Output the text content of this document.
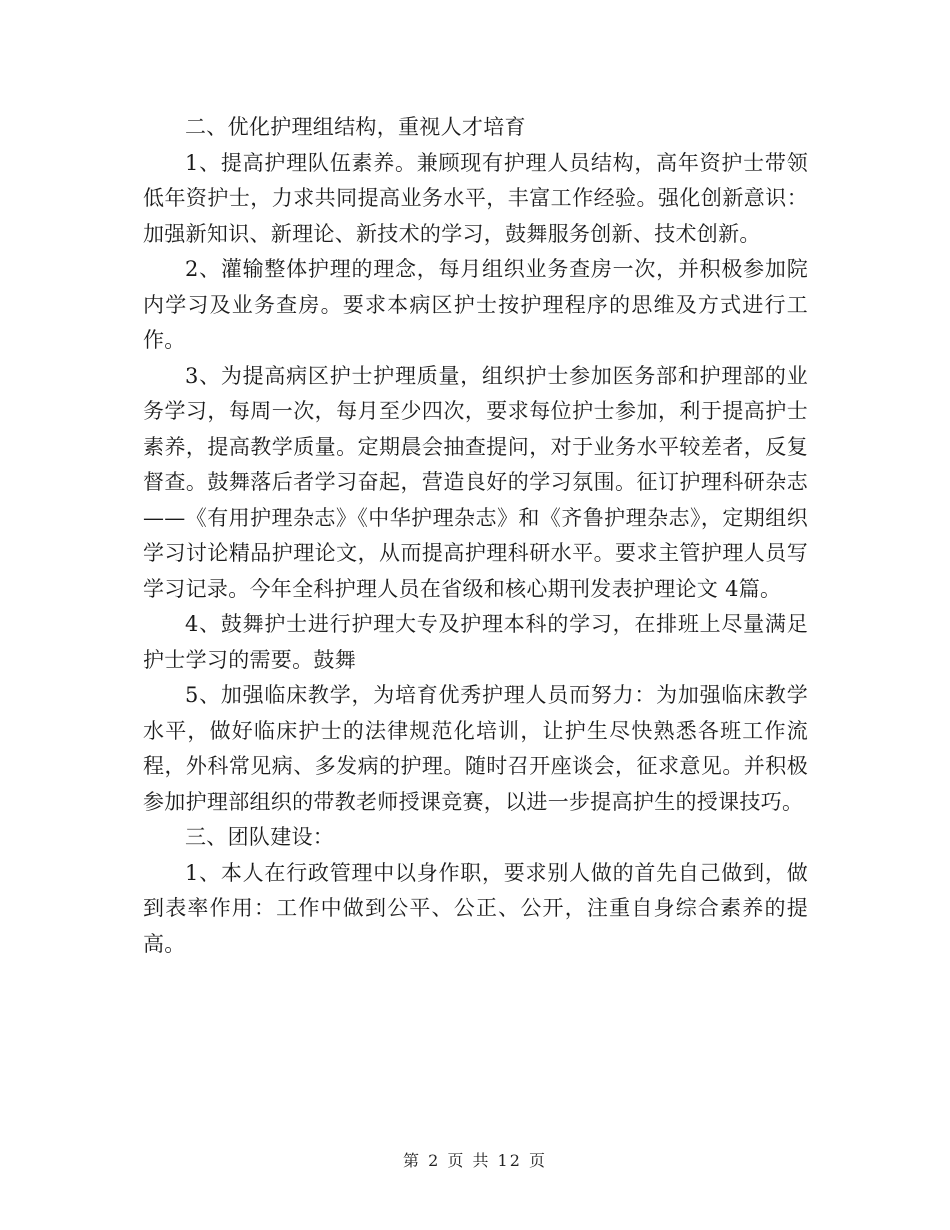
二、优化护理组结构，重视人才培育

1、提高护理队伍素养。兼顾现有护理人员结构，高年资护士带领低年资护士，力求共同提高业务水平，丰富工作经验。强化创新意识：加强新知识、新理论、新技术的学习，鼓舞服务创新、技术创新。

2、灌输整体护理的理念，每月组织业务查房一次，并积极参加院内学习及业务查房。要求本病区护士按护理程序的思维及方式进行工作。

3、为提高病区护士护理质量，组织护士参加医务部和护理部的业务学习，每周一次，每月至少四次，要求每位护士参加，利于提高护士素养，提高教学质量。定期晨会抽查提问，对于业务水平较差者，反复督查。鼓舞落后者学习奋起，营造良好的学习氛围。征订护理科研杂志——《有用护理杂志》《中华护理杂志》和《齐鲁护理杂志》，定期组织学习讨论精品护理论文，从而提高护理科研水平。要求主管护理人员写学习记录。今年全科护理人员在省级和核心期刊发表护理论文 4篇。

4、鼓舞护士进行护理大专及护理本科的学习，在排班上尽量满足护士学习的需要。鼓舞

5、加强临床教学，为培育优秀护理人员而努力：为加强临床教学水平，做好临床护士的法律规范化培训，让护生尽快熟悉各班工作流程，外科常见病、多发病的护理。随时召开座谈会，征求意见。并积极参加护理部组织的带教老师授课竞赛，以进一步提高护生的授课技巧。

三、团队建设：

1、本人在行政管理中以身作职，要求别人做的首先自己做到，做到表率作用：工作中做到公平、公正、公开，注重自身综合素养的提高。

第 2 页 共 12 页
